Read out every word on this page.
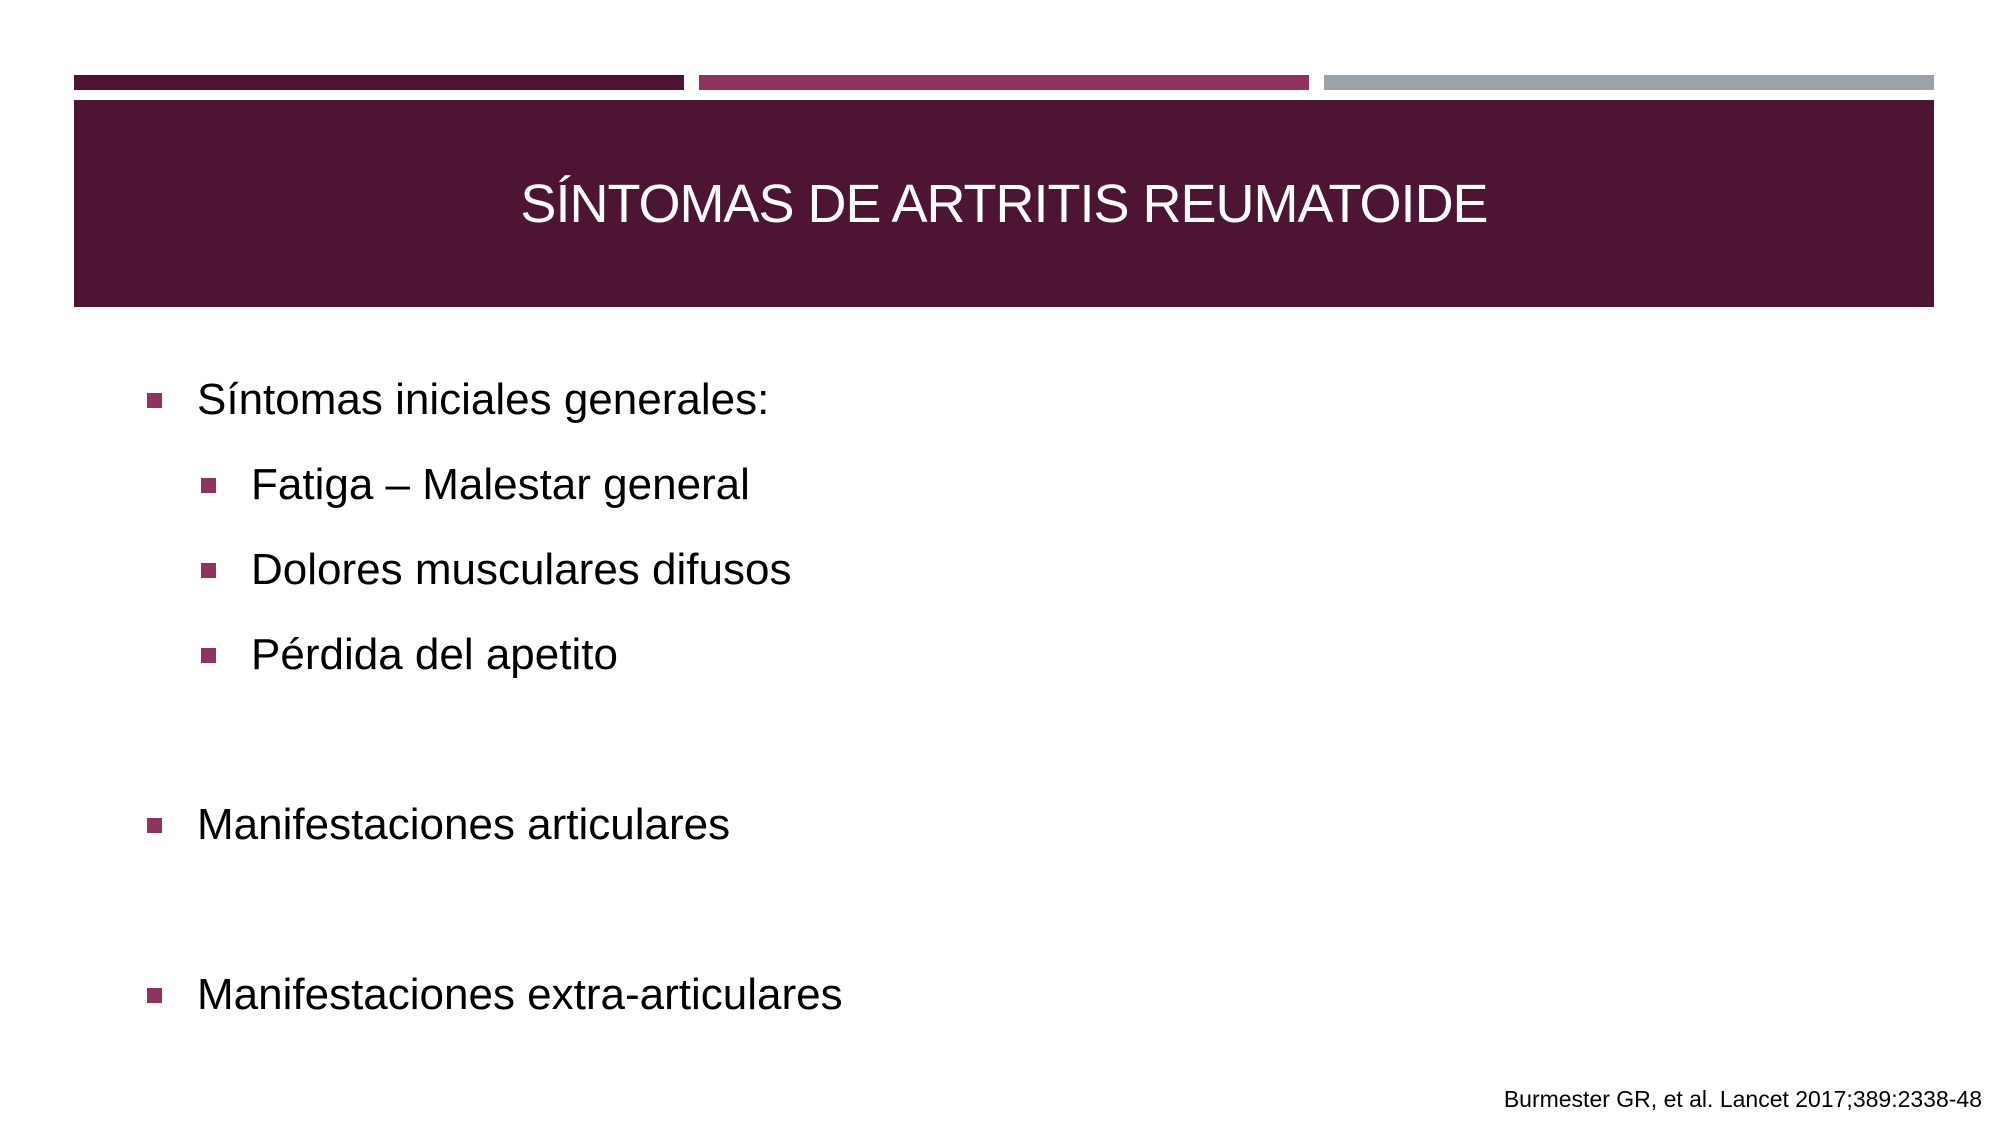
SÍNTOMAS DE ARTRITIS REUMATOIDE
Síntomas iniciales generales:
Fatiga – Malestar general
Dolores musculares difusos
Pérdida del apetito
Manifestaciones articulares
Manifestaciones extra-articulares
Burmester GR, et al. Lancet 2017;389:2338-48
